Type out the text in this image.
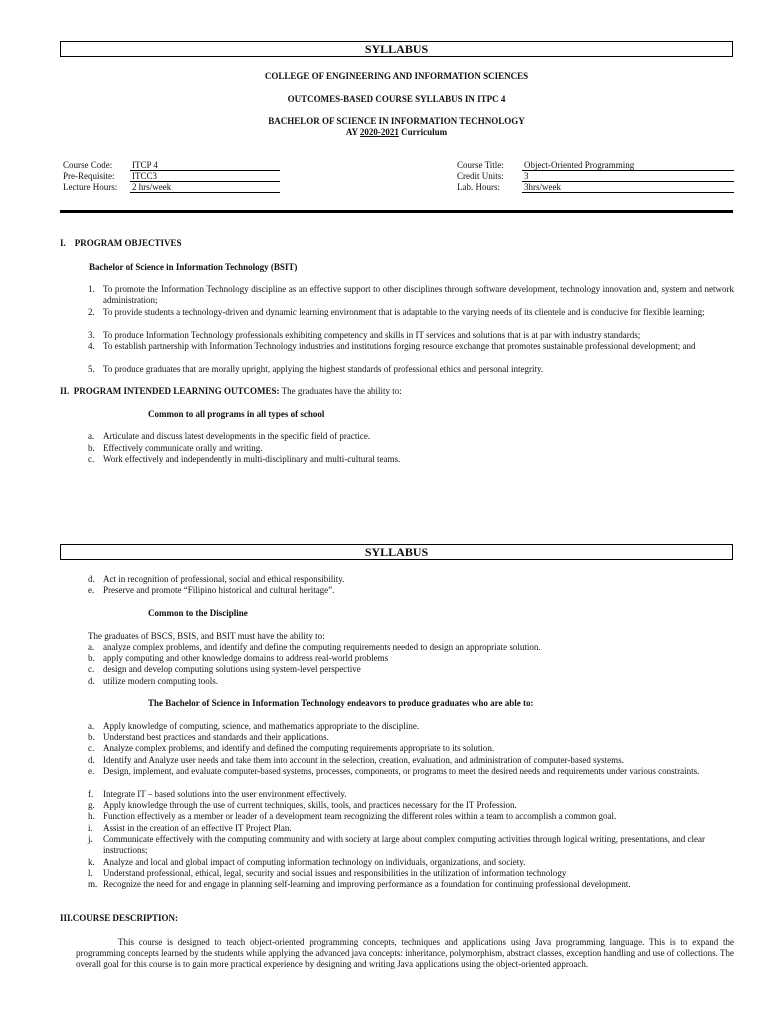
SYLLABUS
COLLEGE OF ENGINEERING AND INFORMATION SCIENCES
OUTCOMES-BASED COURSE SYLLABUS IN ITPC 4
BACHELOR OF SCIENCE IN INFORMATION TECHNOLOGY
AY 2020-2021 Curriculum
Course Code: ITCP 4
Pre-Requisite: ITCC3
Lecture Hours: 2 hrs/week
Course Title: Object-Oriented Programming
Credit Units: 3
Lab. Hours:	3hrs/week
I.    PROGRAM OBJECTIVES
Bachelor of Science in Information Technology (BSIT)
1. To promote the Information Technology discipline as an effective support to other disciplines through software development, technology innovation and, system and network administration;
2. To provide students a technology-driven and dynamic learning environment that is adaptable to the varying needs of its clientele and is conducive for flexible learning;
3. To produce Information Technology professionals exhibiting competency and skills in IT services and solutions that is at par with industry standards;
4. To establish partnership with Information Technology industries and institutions forging resource exchange that promotes sustainable professional development; and
5. To produce graduates that are morally upright, applying the highest standards of professional ethics and personal integrity.
II.  PROGRAM INTENDED LEARNING OUTCOMES: The graduates have the ability to:
Common to all programs in all types of school
a. Articulate and discuss latest developments in the specific field of practice.
b. Effectively communicate orally and writing.
c. Work effectively and independently in multi-disciplinary and multi-cultural teams.
SYLLABUS
d. Act in recognition of professional, social and ethical responsibility.
e. Preserve and promote “Filipino historical and cultural heritage”.
Common to the Discipline
The graduates of BSCS, BSIS, and BSIT must have the ability to:
a. analyze complex problems, and identify and define the computing requirements needed to design an appropriate solution.
b. apply computing and other knowledge domains to address real-world problems
c. design and develop computing solutions using system-level perspective
d. utilize modern computing tools.
The Bachelor of Science in Information Technology endeavors to produce graduates who are able to:
a. Apply knowledge of computing, science, and mathematics appropriate to the discipline.
b. Understand best practices and standards and their applications.
c. Analyze complex problems, and identify and defined the computing requirements appropriate to its solution.
d. Identify and Analyze user needs and take them into account in the selection, creation, evaluation, and administration of computer-based systems.
e. Design, implement, and evaluate computer-based systems, processes, components, or programs to meet the desired needs and requirements under various constraints.
f. Integrate IT – based solutions into the user environment effectively.
g. Apply knowledge through the use of current techniques, skills, tools, and practices necessary for the IT Profession.
h. Function effectively as a member or leader of a development team recognizing the different roles within a team to accomplish a common goal.
i. Assist in the creation of an effective IT Project Plan.
j. Communicate effectively with the computing community and with society at large about complex computing activities through logical writing, presentations, and clear instructions;
k. Analyze and local and global impact of computing information technology on individuals, organizations, and society.
l. Understand professional, ethical, legal, security and social issues and responsibilities in the utilization of information technology
m. Recognize the need for and engage in planning self-learning and improving performance as a foundation for continuing professional development.
III.COURSE DESCRIPTION:
This course is designed to teach object-oriented programming concepts, techniques and applications using Java programming language. This is to expand the programming concepts learned by the students while applying the advanced java concepts: inheritance, polymorphism, abstract classes, exception handling and use of collections. The overall goal for this course is to gain more practical experience by designing and writing Java applications using the object-oriented approach.
